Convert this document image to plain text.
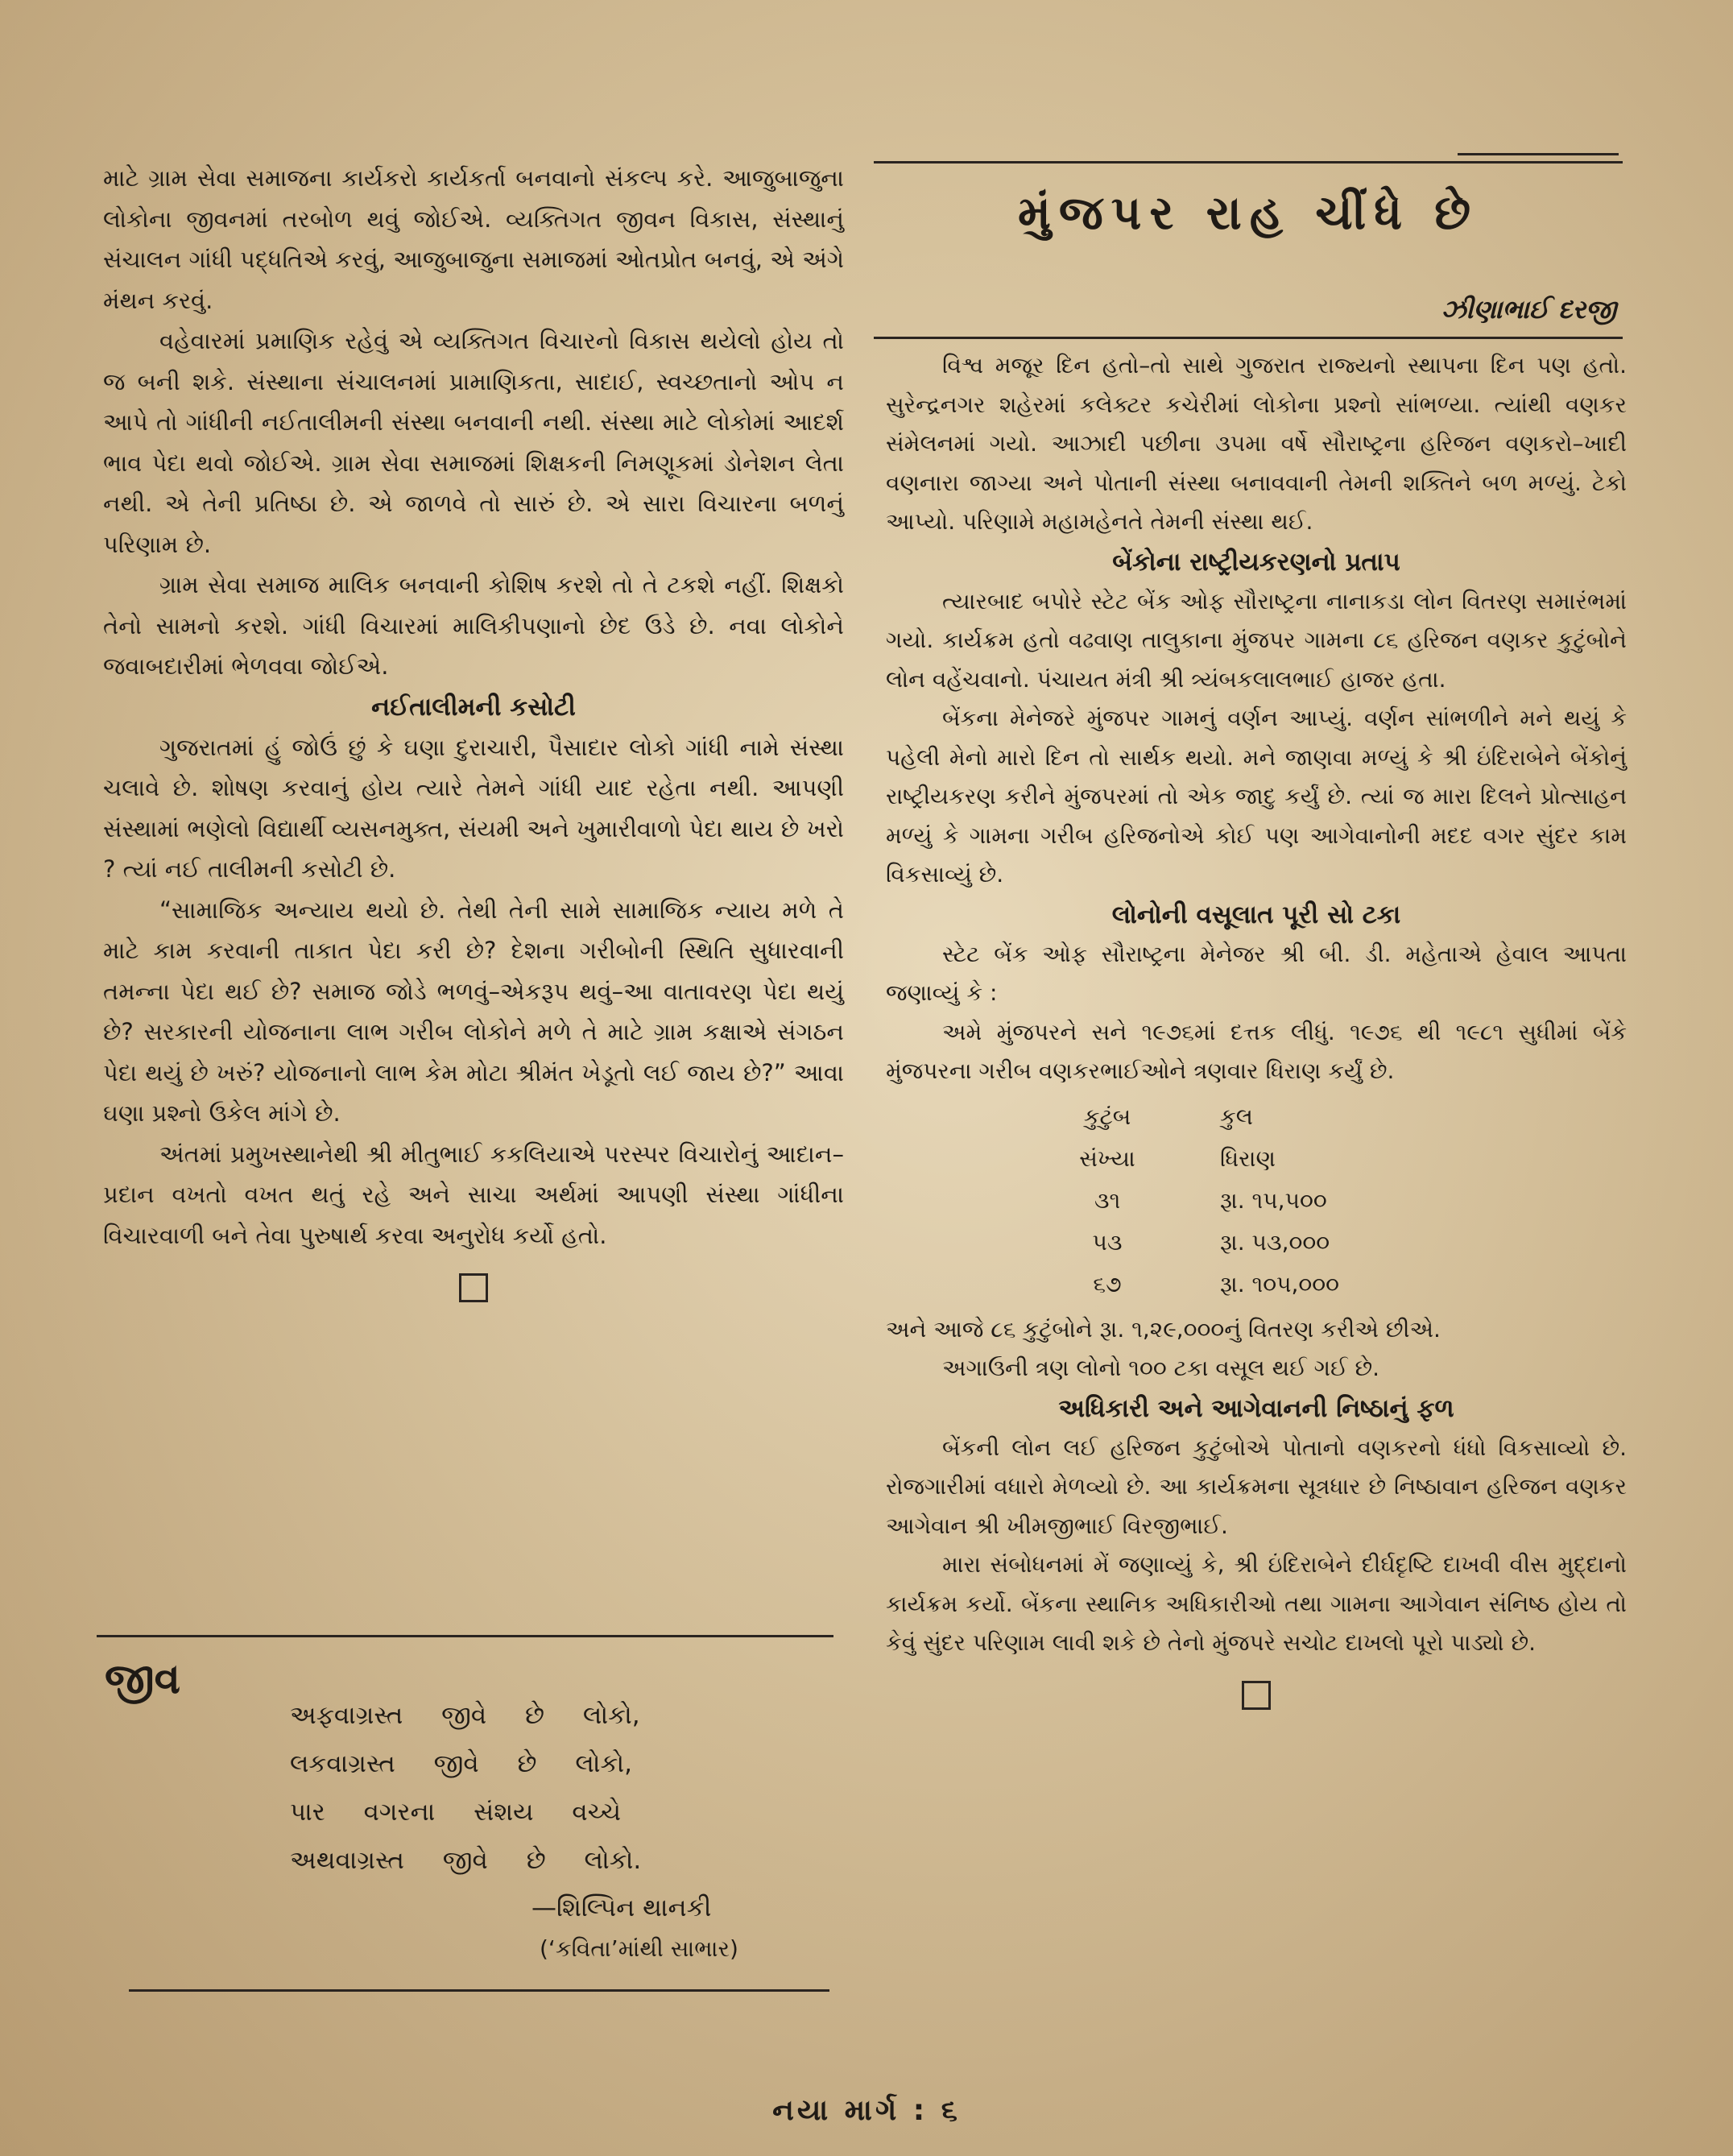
માટે ગ્રામ સેવા સમાજના કાર્યકરો કાર્યકર્તા બનવાનો સંકલ્પ કરે. આજુબાજુના લોકોના જીવનમાં તરબોળ થવું જોઈએ. વ્યક્તિગત જીવન વિકાસ, સંસ્થાનું સંચાલન ગાંધી પદ્ધતિએ કરવું, આજુબાજુના સમાજમાં ઓતપ્રોત બનવું, એ અંગે મંથન કરવું.

વહેવારમાં પ્રમાણિક રહેવું એ વ્યક્તિગત વિચારનો વિકાસ થયેલો હોય તો જ બની શકે. સંસ્થાના સંચાલનમાં પ્રામાણિકતા, સાદાઈ, સ્વચ્છતાનો ઓપ ન આપે તો ગાંધીની નઈતાલીમની સંસ્થા બનવાની નથી. સંસ્થા માટે લોકોમાં આદર્શ ભાવ પેદા થવો જોઈએ. ગ્રામ સેવા સમાજમાં શિક્ષકની નિમણૂકમાં ડોનેશન લેતા નથી. એ તેની પ્રતિષ્ઠા છે. એ જાળવે તો સારું છે. એ સારા વિચારના બળનું પરિણામ છે.

ગ્રામ સેવા સમાજ માલિક બનવાની કોશિષ કરશે તો તે ટકશે નહીં. શિક્ષકો તેનો સામનો કરશે. ગાંધી વિચારમાં માલિકીપણાનો છેદ ઉડે છે. નવા લોકોને જવાબદારીમાં ભેળવવા જોઈએ.

નઈતાલીમની કસોટી

ગુજરાતમાં હું જોઉં છું કે ઘણા દુરાચારી, પૈસાદાર લોકો ગાંધી નામે સંસ્થા ચલાવે છે. શોષણ કરવાનું હોય ત્યારે તેમને ગાંધી યાદ રહેતા નથી. આપણી સંસ્થામાં ભણેલો વિદ્યાર્થી વ્યસનમુક્ત, સંયમી અને ખુમારીવાળો પેદા થાય છે ખરો ? ત્યાં નઈ તાલીમની કસોટી છે.

“સામાજિક અન્યાય થયો છે. તેથી તેની સામે સામાજિક ન્યાય મળે તે માટે કામ કરવાની તાકાત પેદા કરી છે? દેશના ગરીબોની સ્થિતિ સુધારવાની તમન્ના પેદા થઈ છે? સમાજ જોડે ભળવું–એકરૂપ થવું–આ વાતાવરણ પેદા થયું છે? સરકારની યોજનાના લાભ ગરીબ લોકોને મળે તે માટે ગ્રામ કક્ષાએ સંગઠન પેદા થયું છે ખરું? યોજનાનો લાભ કેમ મોટા શ્રીમંત ખેડૂતો લઈ જાય છે?” આવા ઘણા પ્રશ્નો ઉકેલ માંગે છે.

અંતમાં પ્રમુખસ્થાનેથી શ્રી મીતુભાઈ કકલિયાએ પરસ્પર વિચારોનું આદાન–પ્રદાન વખતો વખત થતું રહે અને સાચા અર્થમાં આપણી સંસ્થા ગાંધીના વિચારવાળી બને તેવા પુરુષાર્થ કરવા અનુરોધ કર્યો હતો.

જીવ

અફવાગ્રસ્ત જીવે છે લોકો,

લકવાગ્રસ્ત જીવે છે લોકો,

પાર વગરના સંશય વચ્ચે

અથવાગ્રસ્ત જીવે છે લોકો.

—શિલ્પિન થાનકી

(‘કવિતા’માંથી સાભાર)

મુંજપર રાહ ચીંધે છે

ઝીણાભાઈ દરજી

વિશ્વ મજૂર દિન હતો–તો સાથે ગુજરાત રાજ્યનો સ્થાપના દિન પણ હતો. સુરેન્દ્રનગર શહેરમાં કલેક્ટર કચેરીમાં લોકોના પ્રશ્નો સાંભળ્યા. ત્યાંથી વણકર સંમેલનમાં ગયો. આઝાદી પછીના ૩૫મા વર્ષે સૌરાષ્ટ્રના હરિજન વણકરો–ખાદી વણનારા જાગ્યા અને પોતાની સંસ્થા બનાવવાની તેમની શક્તિને બળ મળ્યું. ટેકો આપ્યો. પરિણામે મહામહેનતે તેમની સંસ્થા થઈ.

બેંકોના રાષ્ટ્રીયકરણનો પ્રતાપ

ત્યારબાદ બપોરે સ્ટેટ બેંક ઓફ સૌરાષ્ટ્રના નાનાકડા લોન વિતરણ સમારંભમાં ગયો. કાર્યક્રમ હતો વઢવાણ તાલુકાના મુંજપર ગામના ૮૬ હરિજન વણકર કુટુંબોને લોન વહેંચવાનો. પંચાયત મંત્રી શ્રી ત્ર્યંબકલાલભાઈ હાજર હતા.

બેંકના મેનેજરે મુંજપર ગામનું વર્ણન આપ્યું. વર્ણન સાંભળીને મને થયું કે પહેલી મેનો મારો દિન તો સાર્થક થયો. મને જાણવા મળ્યું કે શ્રી ઇંદિરાબેને બેંકોનું રાષ્ટ્રીયકરણ કરીને મુંજપરમાં તો એક જાદુ કર્યું છે. ત્યાં જ મારા દિલને પ્રોત્સાહન મળ્યું કે ગામના ગરીબ હરિજનોએ કોઈ પણ આગેવાનોની મદદ વગર સુંદર કામ વિકસાવ્યું છે.

લોનોની વસૂલાત પૂરી સો ટકા

સ્ટેટ બેંક ઓફ સૌરાષ્ટ્રના મેનેજર શ્રી બી. ડી. મહેતાએ હેવાલ આપતા જણાવ્યું કે :

અમે મુંજપરને સને ૧૯૭૬માં દત્તક લીધું. ૧૯૭૬ થી ૧૯૮૧ સુધીમાં બેંકે મુંજપરના ગરીબ વણકરભાઈઓને ત્રણવાર ધિરાણ કર્યું છે.

કુટુંબ	કુલ
સંખ્યા	ધિરાણ
૩૧	રૂા. ૧૫,૫૦૦
૫૩	રૂા. ૫૩,૦૦૦
૬૭	રૂા. ૧૦૫,૦૦૦

અને આજે ૮૬ કુટુંબોને રૂા. ૧,૨૯,૦૦૦નું વિતરણ કરીએ છીએ.

અગાઉની ત્રણ લોનો ૧૦૦ ટકા વસૂલ થઈ ગઈ છે.

અધિકારી અને આગેવાનની નિષ્ઠાનું ફળ

બેંકની લોન લઈ હરિજન કુટુંબોએ પોતાનો વણકરનો ધંધો વિકસાવ્યો છે. રોજગારીમાં વધારો મેળવ્યો છે. આ કાર્યક્રમના સૂત્રધાર છે નિષ્ઠાવાન હરિજન વણકર આગેવાન શ્રી ખીમજીભાઈ વિરજીભાઈ.

મારા સંબોધનમાં મેં જણાવ્યું કે, શ્રી ઇંદિરાબેને દીર્ઘદૃષ્ટિ દાખવી વીસ મુદ્દાનો કાર્યક્રમ કર્યો. બેંકના સ્થાનિક અધિકારીઓ તથા ગામના આગેવાન સંનિષ્ઠ હોય તો કેવું સુંદર પરિણામ લાવી શકે છે તેનો મુંજપરે સચોટ દાખલો પૂરો પાડ્યો છે.

નયા માર્ગ : ૬
